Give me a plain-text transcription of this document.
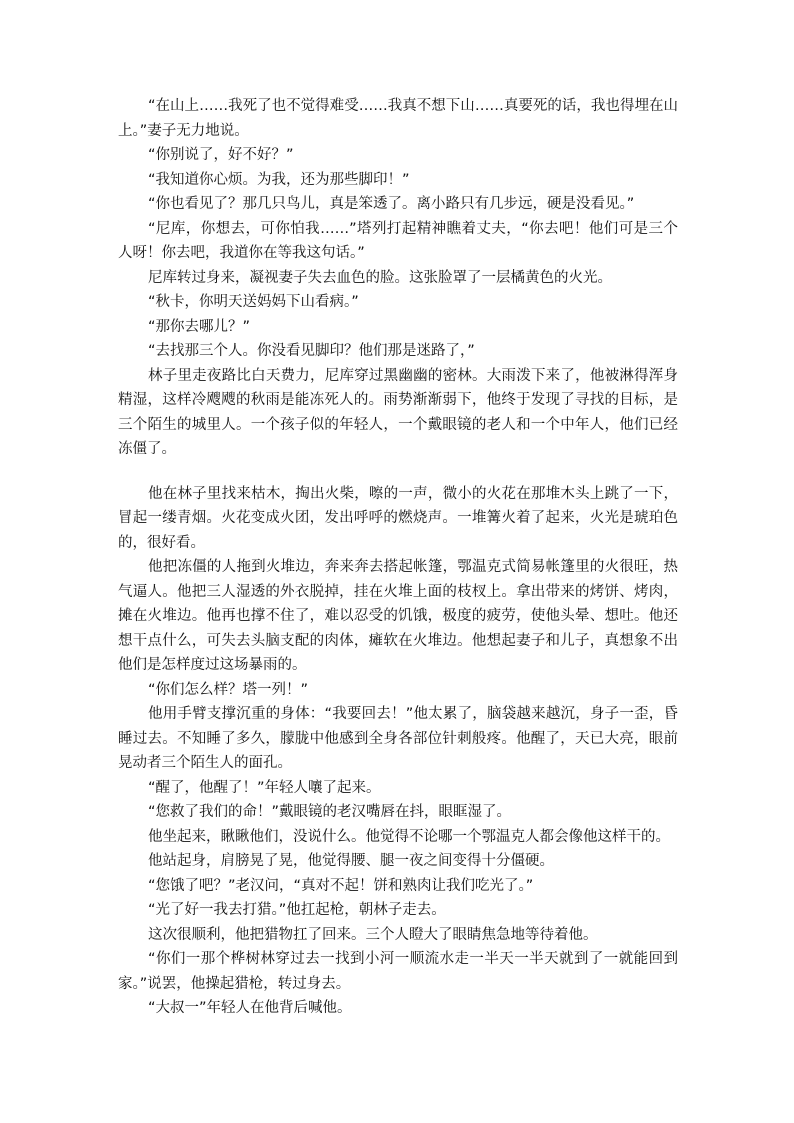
“在山上……我死了也不觉得难受……我真不想下山……真要死的话，我也得埋在山上。”妻子无力地说。

“你别说了，好不好？”

“我知道你心烦。为我，还为那些脚印！”

“你也看见了？那几只鸟儿，真是笨透了。离小路只有几步远，硬是没看见。”

“尼库，你想去，可你怕我……”塔列打起精神瞧着丈夫，“你去吧！他们可是三个人呀！你去吧，我道你在等我这句话。”

尼库转过身来，凝视妻子失去血色的脸。这张脸罩了一层橘黄色的火光。

“秋卡，你明天送妈妈下山看病。”

“那你去哪儿？”

“去找那三个人。你没看见脚印？他们那是迷路了，”

林子里走夜路比白天费力，尼库穿过黑幽幽的密林。大雨泼下来了，他被淋得浑身精湿，这样冷飕飕的秋雨是能冻死人的。雨势渐渐弱下，他终于发现了寻找的目标，是三个陌生的城里人。一个孩子似的年轻人，一个戴眼镜的老人和一个中年人，他们已经冻僵了。

他在林子里找来枯木，掏出火柴，嚓的一声，微小的火花在那堆木头上跳了一下，冒起一缕青烟。火花变成火团，发出呼呼的燃烧声。一堆篝火着了起来，火光是琥珀色的，很好看。

他把冻僵的人拖到火堆边，奔来奔去搭起帐篷，鄂温克式简易帐篷里的火很旺，热气逼人。他把三人湿透的外衣脱掉，挂在火堆上面的枝杈上。拿出带来的烤饼、烤肉，摊在火堆边。他再也撑不住了，难以忍受的饥饿，极度的疲劳，使他头晕、想吐。他还想干点什么，可失去头脑支配的肉体，瘫软在火堆边。他想起妻子和儿子，真想象不出他们是怎样度过这场暴雨的。

“你们怎么样？塔一列！”

他用手臂支撑沉重的身体：“我要回去！”他太累了，脑袋越来越沉，身子一歪，昏睡过去。不知睡了多久，朦胧中他感到全身各部位针刺般疼。他醒了，天已大亮，眼前晃动者三个陌生人的面孔。

“醒了，他醒了！”年轻人嚷了起来。

“您救了我们的命！”戴眼镜的老汉嘴唇在抖，眼眶湿了。

他坐起来，瞅瞅他们，没说什么。他觉得不论哪一个鄂温克人都会像他这样干的。

他站起身，肩膀晃了晃，他觉得腰、腿一夜之间变得十分僵硬。

“您饿了吧？”老汉问，“真对不起！饼和熟肉让我们吃光了。”

“光了好一我去打猎。”他扛起枪，朝林子走去。

这次很顺利，他把猎物扛了回来。三个人瞪大了眼睛焦急地等待着他。

“你们一那个桦树林穿过去一找到小河一顺流水走一半天一半天就到了一就能回到家。”说罢，他操起猎枪，转过身去。

“大叔一”年轻人在他背后喊他。
